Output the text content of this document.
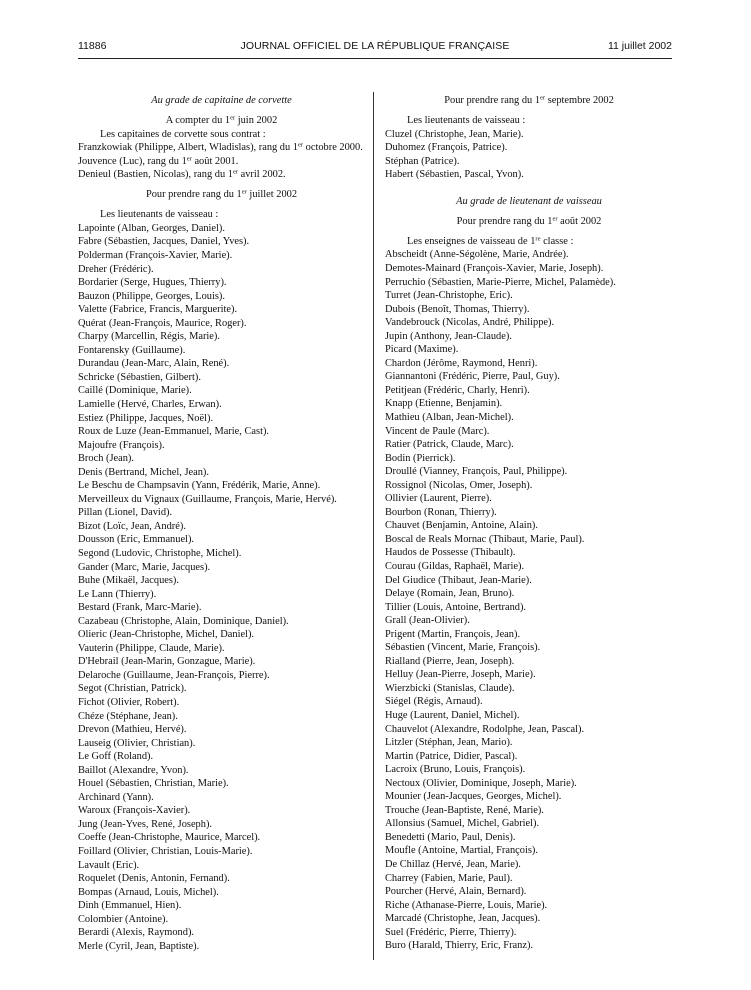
11886	JOURNAL OFFICIEL DE LA RÉPUBLIQUE FRANÇAISE	11 juillet 2002
Au grade de capitaine de corvette
A compter du 1er juin 2002
Les capitaines de corvette sous contrat :
Franzkowiak (Philippe, Albert, Wladislas), rang du 1er octobre 2000.
Jouvence (Luc), rang du 1er août 2001.
Denieul (Bastien, Nicolas), rang du 1er avril 2002.
Pour prendre rang du 1er juillet 2002
Les lieutenants de vaisseau :
Lapointe (Alban, Georges, Daniel).
Fabre (Sébastien, Jacques, Daniel, Yves).
Polderman (François-Xavier, Marie).
Dreher (Frédéric).
Bordarier (Serge, Hugues, Thierry).
Bauzon (Philippe, Georges, Louis).
Valette (Fabrice, Francis, Marguerite).
Quérat (Jean-François, Maurice, Roger).
Charpy (Marcellin, Régis, Marie).
Fontarensky (Guillaume).
Durandau (Jean-Marc, Alain, René).
Schricke (Sébastien, Gilbert).
Caillé (Dominique, Marie).
Lamielle (Hervé, Charles, Erwan).
Estiez (Philippe, Jacques, Noël).
Roux de Luze (Jean-Emmanuel, Marie, Cast).
Majoufre (François).
Broch (Jean).
Denis (Bertrand, Michel, Jean).
Le Beschu de Champsavin (Yann, Frédérik, Marie, Anne).
Merveilleux du Vignaux (Guillaume, François, Marie, Hervé).
Pillan (Lionel, David).
Bizot (Loïc, Jean, André).
Dousson (Eric, Emmanuel).
Segond (Ludovic, Christophe, Michel).
Gander (Marc, Marie, Jacques).
Buhe (Mikaël, Jacques).
Le Lann (Thierry).
Bestard (Frank, Marc-Marie).
Cazabeau (Christophe, Alain, Dominique, Daniel).
Olieric (Jean-Christophe, Michel, Daniel).
Vauterin (Philippe, Claude, Marie).
D'Hebrail (Jean-Marin, Gonzague, Marie).
Delaroche (Guillaume, Jean-François, Pierre).
Segot (Christian, Patrick).
Fichot (Olivier, Robert).
Chéze (Stéphane, Jean).
Drevon (Mathieu, Hervé).
Lauseig (Olivier, Christian).
Le Goff (Roland).
Baillot (Alexandre, Yvon).
Houel (Sébastien, Christian, Marie).
Archinard (Yann).
Waroux (François-Xavier).
Jung (Jean-Yves, René, Joseph).
Coeffe (Jean-Christophe, Maurice, Marcel).
Foillard (Olivier, Christian, Louis-Marie).
Lavault (Eric).
Roquelet (Denis, Antonin, Fernand).
Bompas (Arnaud, Louis, Michel).
Dinh (Emmanuel, Hien).
Colombier (Antoine).
Berardi (Alexis, Raymond).
Merle (Cyril, Jean, Baptiste).
Pour prendre rang du 1er septembre 2002
Les lieutenants de vaisseau :
Cluzel (Christophe, Jean, Marie).
Duhomez (François, Patrice).
Stéphan (Patrice).
Habert (Sébastien, Pascal, Yvon).
Au grade de lieutenant de vaisseau
Pour prendre rang du 1er août 2002
Les enseignes de vaisseau de 1re classe :
Abscheidt (Anne-Ségolène, Marie, Andrée).
Demotes-Mainard (François-Xavier, Marie, Joseph).
Perruchio (Sébastien, Marie-Pierre, Michel, Palamède).
Turret (Jean-Christophe, Eric).
Dubois (Benoît, Thomas, Thierry).
Vandebrouck (Nicolas, André, Philippe).
Jupin (Anthony, Jean-Claude).
Picard (Maxime).
Chardon (Jérôme, Raymond, Henri).
Giannantoni (Frédéric, Pierre, Paul, Guy).
Petitjean (Frédéric, Charly, Henri).
Knapp (Etienne, Benjamin).
Mathieu (Alban, Jean-Michel).
Vincent de Paule (Marc).
Ratier (Patrick, Claude, Marc).
Bodin (Pierrick).
Droullé (Vianney, François, Paul, Philippe).
Rossignol (Nicolas, Omer, Joseph).
Ollivier (Laurent, Pierre).
Bourbon (Ronan, Thierry).
Chauvet (Benjamin, Antoine, Alain).
Boscal de Reals Mornac (Thibaut, Marie, Paul).
Haudos de Possesse (Thibault).
Courau (Gildas, Raphaël, Marie).
Del Giudice (Thibaut, Jean-Marie).
Delaye (Romain, Jean, Bruno).
Tillier (Louis, Antoine, Bertrand).
Grall (Jean-Olivier).
Prigent (Martin, François, Jean).
Sébastien (Vincent, Marie, François).
Rialland (Pierre, Jean, Joseph).
Helluy (Jean-Pierre, Joseph, Marie).
Wierzbicki (Stanislas, Claude).
Siégel (Régis, Arnaud).
Huge (Laurent, Daniel, Michel).
Chauvelot (Alexandre, Rodolphe, Jean, Pascal).
Litzler (Stéphan, Jean, Mario).
Martin (Patrice, Didier, Pascal).
Lacroix (Bruno, Louis, François).
Nectoux (Olivier, Dominique, Joseph, Marie).
Mounier (Jean-Jacques, Georges, Michel).
Trouche (Jean-Baptiste, René, Marie).
Allonsius (Samuel, Michel, Gabriel).
Benedetti (Mario, Paul, Denis).
Moufle (Antoine, Martial, François).
De Chillaz (Hervé, Jean, Marie).
Charrey (Fabien, Marie, Paul).
Pourcher (Hervé, Alain, Bernard).
Riche (Athanase-Pierre, Louis, Marie).
Marcadé (Christophe, Jean, Jacques).
Suel (Frédéric, Pierre, Thierry).
Buro (Harald, Thierry, Eric, Franz).
